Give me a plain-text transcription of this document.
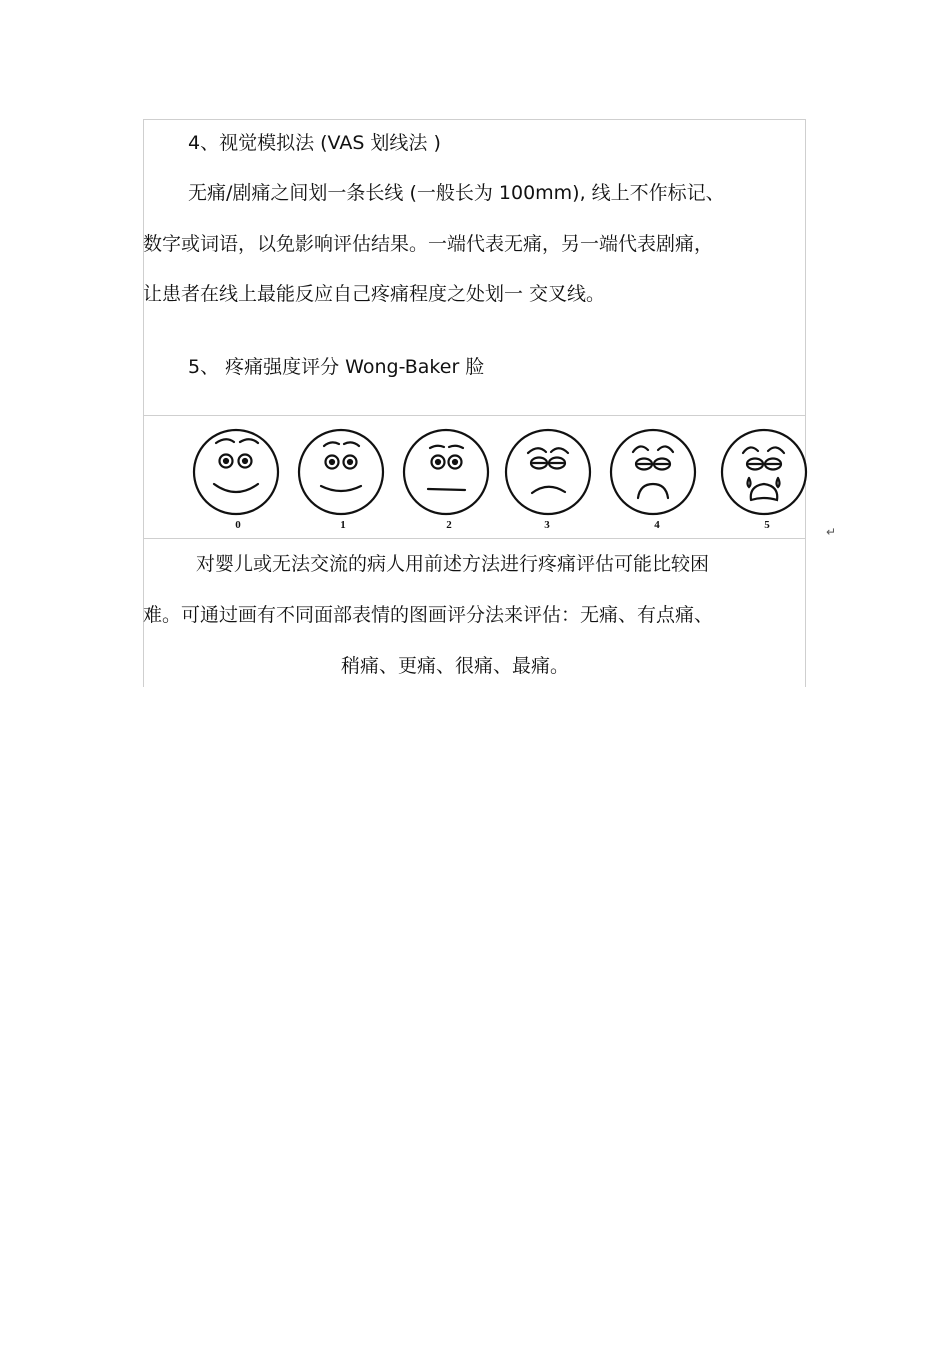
4、视觉模拟法 (VAS 划线法 )
无痛/剧痛之间划一条长线 (一般长为 100mm), 线上不作标记、
数字或词语，以免影响评估结果。一端代表无痛，另一端代表剧痛，
让患者在线上最能反应自己疼痛程度之处划一 交叉线。
5、 疼痛强度评分 Wong-Baker 脸
0	1	2	3	4	5	↵
对婴儿或无法交流的病人用前述方法进行疼痛评估可能比较困
难。可通过画有不同面部表情的图画评分法来评估：无痛、有点痛、
稍痛、更痛、很痛、最痛。
